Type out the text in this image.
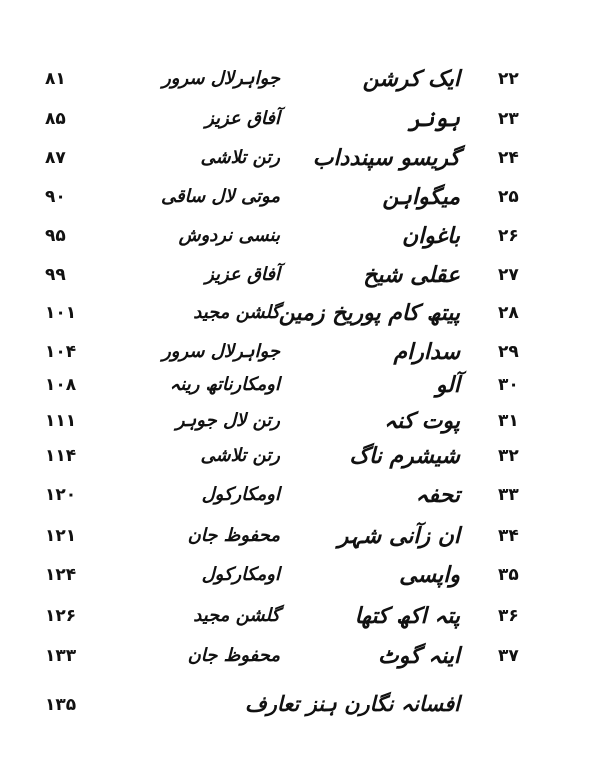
۲۲
ایک کرشن
جواہرلال سرور
۸۱
۲۳
ہونر
آفاق عزیز
۸۵
۲۴
گریسو سپندداب
رتن تلاشی
۸۷
۲۵
میگواہن
موتی لال ساقی
۹۰
۲۶
باغوان
بنسی نردوش
۹۵
۲۷
عقلی شیخ
آفاق عزیز
۹۹
۲۸
پیتھ کام پوریخ زمین
گلشن مجید
۱۰۱
۲۹
سدارام
جواہرلال سرور
۱۰۴
۳۰
آلو
اومکارناتھ رینہ
۱۰۸
۳۱
پوت کنہ
رتن لال جوہر
۱۱۱
۳۲
شیشرم ناگ
رتن تلاشی
۱۱۴
۳۳
تحفہ
اومکارکول
۱۲۰
۳۴
ان زآنی شہر
محفوظ جان
۱۲۱
۳۵
واپسی
اومکارکول
۱۲۴
۳۶
پتہ اکھ کتھا
گلشن مجید
۱۲۶
۳۷
اینہ گوٹ
محفوظ جان
۱۳۳
افسانہ نگارن ہنز تعارف
۱۳۵
